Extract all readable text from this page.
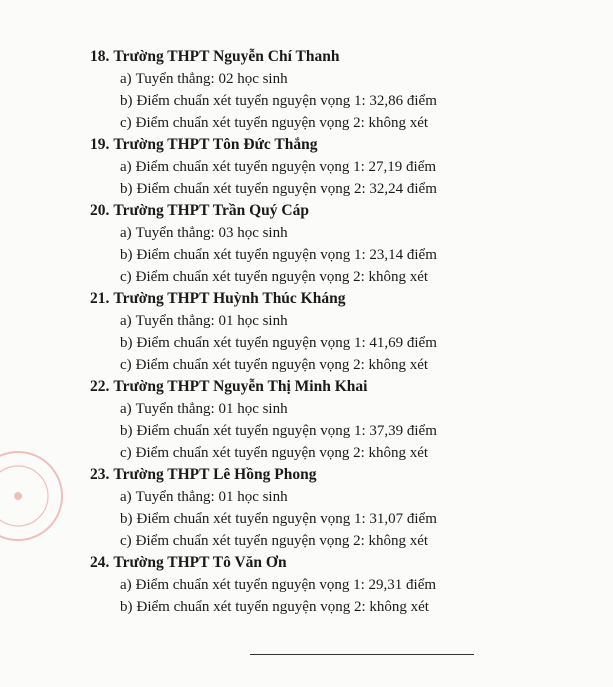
18. Trường THPT Nguyễn Chí Thanh
a) Tuyển thẳng: 02 học sinh
b) Điểm chuẩn xét tuyển nguyện vọng 1: 32,86 điểm
c) Điểm chuẩn xét tuyển nguyện vọng 2: không xét
19. Trường THPT Tôn Đức Thắng
a) Điểm chuẩn xét tuyển nguyện vọng 1: 27,19 điểm
b) Điểm chuẩn xét tuyển nguyện vọng 2: 32,24 điểm
20. Trường THPT Trần Quý Cáp
a) Tuyển thẳng: 03 học sinh
b) Điểm chuẩn xét tuyển nguyện vọng 1: 23,14 điểm
c) Điểm chuẩn xét tuyển nguyện vọng 2: không xét
21. Trường THPT Huỳnh Thúc Kháng
a) Tuyển thẳng: 01 học sinh
b) Điểm chuẩn xét tuyển nguyện vọng 1: 41,69 điểm
c) Điểm chuẩn xét tuyển nguyện vọng 2: không xét
22. Trường THPT Nguyễn Thị Minh Khai
a) Tuyển thẳng: 01 học sinh
b) Điểm chuẩn xét tuyển nguyện vọng 1: 37,39 điểm
c) Điểm chuẩn xét tuyển nguyện vọng 2: không xét
23. Trường THPT Lê Hồng Phong
a) Tuyển thẳng: 01 học sinh
b) Điểm chuẩn xét tuyển nguyện vọng 1: 31,07 điểm
c) Điểm chuẩn xét tuyển nguyện vọng 2: không xét
24. Trường THPT Tô Văn Ơn
a) Điểm chuẩn xét tuyển nguyện vọng 1: 29,31 điểm
b) Điểm chuẩn xét tuyển nguyện vọng 2: không xét
